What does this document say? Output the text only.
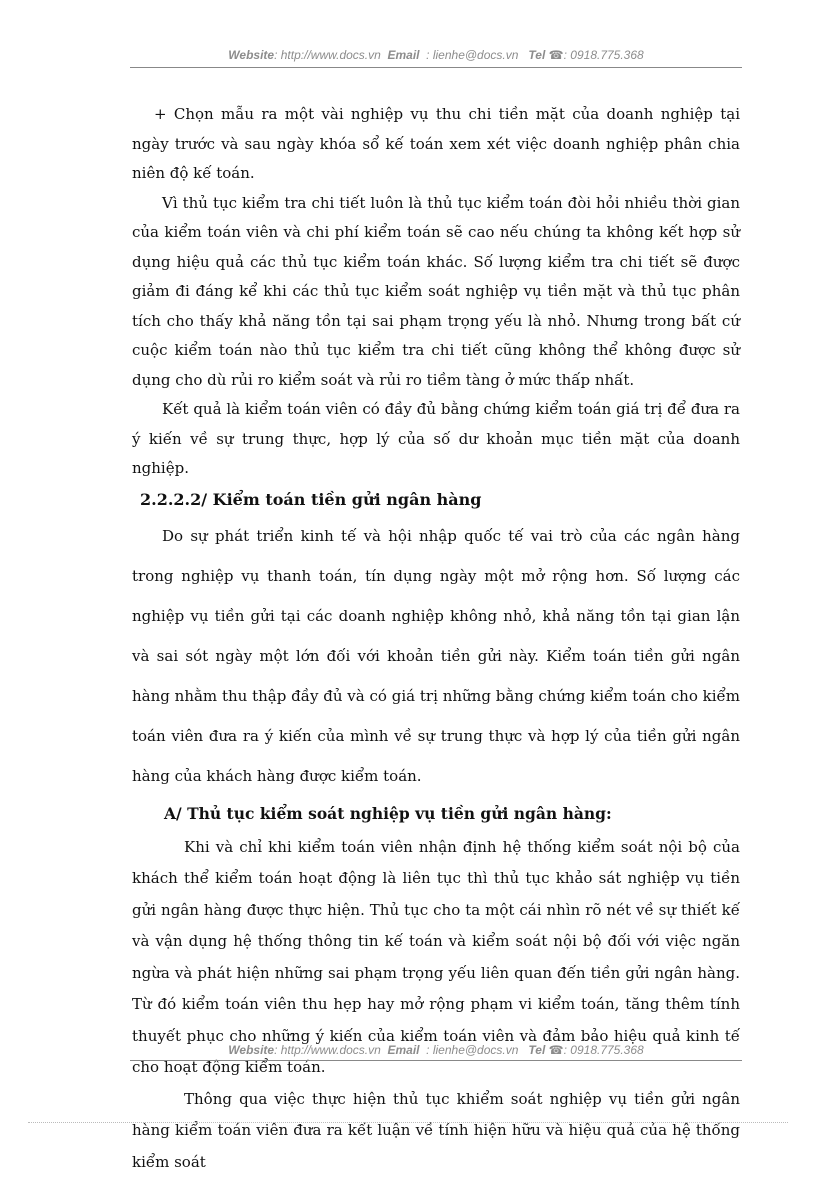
Website: http://www.docs.vn Email : lienhe@docs.vn Tel ☎: 0918.775.368

+ Chọn mẫu ra một vài nghiệp vụ thu chi tiền mặt của doanh nghiệp tại ngày trước và sau ngày khóa sổ kế toán xem xét việc doanh nghiệp phân chia niên độ kế toán.

Vì thủ tục kiểm tra chi tiết luôn là thủ tục kiểm toán đòi hỏi nhiều thời gian của kiểm toán viên và chi phí kiểm toán sẽ cao nếu chúng ta không kết hợp sử dụng hiệu quả các thủ tục kiểm toán khác. Số lượng kiểm tra chi tiết sẽ được giảm đi đáng kể khi các thủ tục kiểm soát nghiệp vụ tiền mặt và thủ tục phân tích cho thấy khả năng tồn tại sai phạm trọng yếu là nhỏ. Nhưng trong bất cứ cuộc kiểm toán nào thủ tục kiểm tra chi tiết cũng không thể không được sử dụng cho dù rủi ro kiểm soát và rủi ro tiềm tàng ở mức thấp nhất.

Kết quả là kiểm toán viên có đầy đủ bằng chứng kiểm toán giá trị để đưa ra ý kiến về sự trung thực, hợp lý của số dư khoản mục tiền mặt của doanh nghiệp.

2.2.2.2/ Kiểm toán tiền gửi ngân hàng

Do sự phát triển kinh tế và hội nhập quốc tế vai trò của các ngân hàng trong nghiệp vụ thanh toán, tín dụng ngày một mở rộng hơn. Số lượng các nghiệp vụ tiền gửi tại các doanh nghiệp không nhỏ, khả năng tồn tại gian lận và sai sót ngày một lớn đối với khoản tiền gửi này. Kiểm toán tiền gửi ngân hàng nhằm thu thập đầy đủ và có giá trị những bằng chứng kiểm toán cho kiểm toán viên đưa ra ý kiến của mình về sự trung thực và hợp lý của tiền gửi ngân hàng của khách hàng được kiểm toán.

A/ Thủ tục kiểm soát nghiệp vụ tiền gửi ngân hàng:

Khi và chỉ khi kiểm toán viên nhận định hệ thống kiểm soát nội bộ của khách thể kiểm toán hoạt động là liên tục thì thủ tục khảo sát nghiệp vụ tiền gửi ngân hàng được thực hiện. Thủ tục cho ta một cái nhìn rõ nét về sự thiết kế và vận dụng hệ thống thông tin kế toán và kiểm soát nội bộ đối với việc ngăn ngừa và phát hiện những sai phạm trọng yếu liên quan đến tiền gửi ngân hàng. Từ đó kiểm toán viên thu hẹp hay mở rộng phạm vi kiểm toán, tăng thêm tính thuyết phục cho những ý kiến của kiểm toán viên và đảm bảo hiệu quả kinh tế cho hoạt động kiểm toán.

Thông qua việc thực hiện thủ tục khiểm soát nghiệp vụ tiền gửi ngân hàng kiểm toán viên đưa ra kết luận về tính hiện hữu và hiệu quả của hệ thống kiểm soát

Website: http://www.docs.vn Email : lienhe@docs.vn Tel ☎: 0918.775.368
